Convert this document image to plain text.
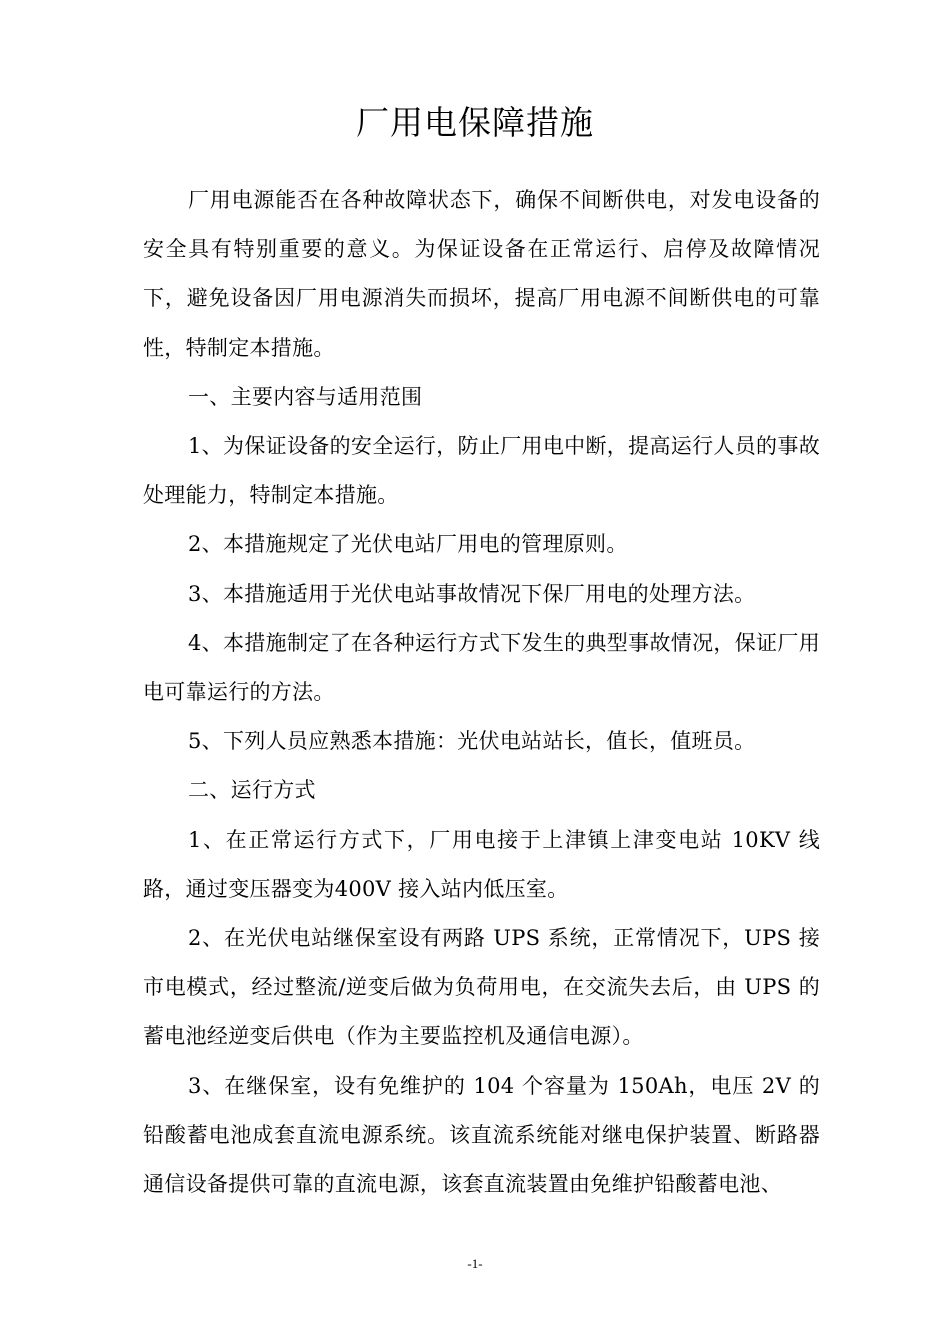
厂用电保障措施

厂用电源能否在各种故障状态下，确保不间断供电，对发电设备的安全具有特别重要的意义。为保证设备在正常运行、启停及故障情况下，避免设备因厂用电源消失而损坏，提高厂用电源不间断供电的可靠性，特制定本措施。

一、主要内容与适用范围

1、为保证设备的安全运行，防止厂用电中断，提高运行人员的事故处理能力，特制定本措施。

2、本措施规定了光伏电站厂用电的管理原则。

3、本措施适用于光伏电站事故情况下保厂用电的处理方法。

4、本措施制定了在各种运行方式下发生的典型事故情况，保证厂用电可靠运行的方法。

5、下列人员应熟悉本措施：光伏电站站长，值长，值班员。

二、运行方式

1、在正常运行方式下，厂用电接于上津镇上津变电站 10KV 线路，通过变压器变为400V 接入站内低压室。

2、在光伏电站继保室设有两路 UPS 系统，正常情况下，UPS 接市电模式，经过整流/逆变后做为负荷用电，在交流失去后，由 UPS 的蓄电池经逆变后供电（作为主要监控机及通信电源）。

3、在继保室，设有免维护的 104 个容量为 150Ah，电压 2V 的铅酸蓄电池成套直流电源系统。该直流系统能对继电保护装置、断路器通信设备提供可靠的直流电源，该套直流装置由免维护铅酸蓄电池、

-1-
